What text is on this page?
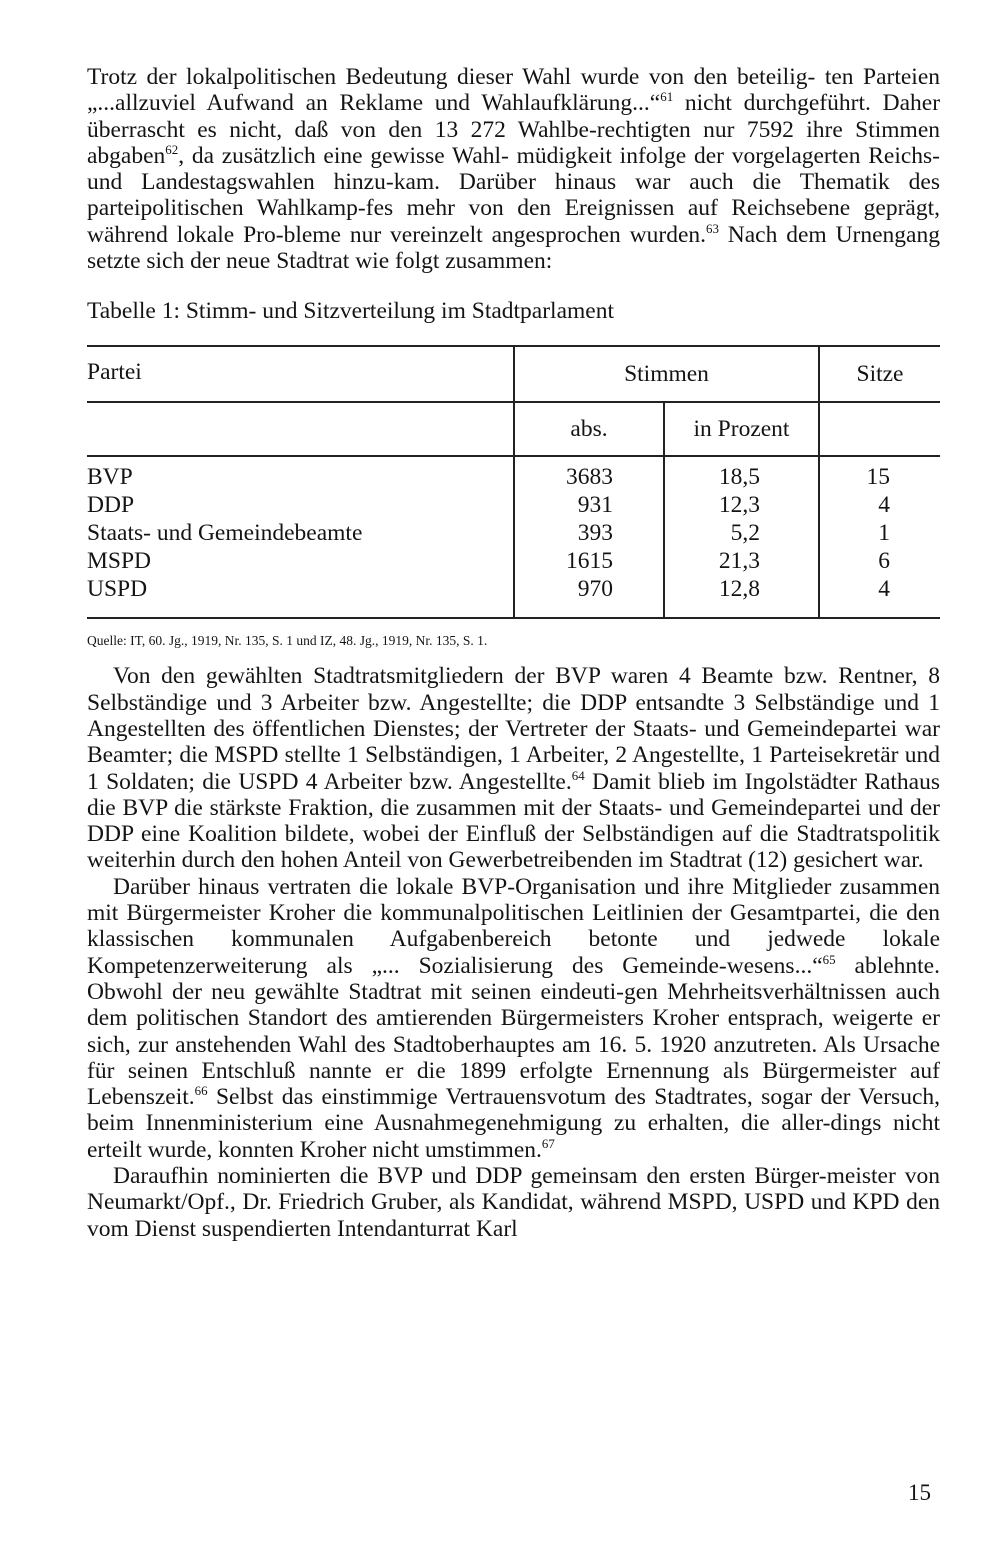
Trotz der lokalpolitischen Bedeutung dieser Wahl wurde von den beteilig- ten Parteien „...allzuviel Aufwand an Reklame und Wahlaufklärung...“$^{61}$ nicht durchgeführt. Daher überrascht es nicht, daß von den 13 272 Wahlbe-rechtigten nur 7592 ihre Stimmen abgaben$^{62}$, da zusätzlich eine gewisse Wahl- müdigkeit infolge der vorgelagerten Reichs- und Landestagswahlen hinzu-kam. Darüber hinaus war auch die Thematik des parteipolitischen Wahlkamp-fes mehr von den Ereignissen auf Reichsebene geprägt, während lokale Pro-bleme nur vereinzelt angesprochen wurden.$^{63}$ Nach dem Urnengang setzte sich der neue Stadtrat wie folgt zusammen:

Tabelle 1: Stimm- und Sitzverteilung im Stadtparlament
Partei	Stimmen		Sitze
	abs.	in Prozent	
BVP	3683	18,5	15
DDP	931	12,3	4
Staats- und Gemeindebeamte	393	5,2	1
MSPD	1615	21,3	6
USPD	970	12,8	4

Quelle: IT, 60. Jg., 1919, Nr. 135, S. 1 und IZ, 48. Jg., 1919, Nr. 135, S. 1.

Von den gewählten Stadtratsmitgliedern der BVP waren 4 Beamte bzw. Rentner, 8 Selbständige und 3 Arbeiter bzw. Angestellte; die DDP entsandte 3 Selbständige und 1 Angestellten des öffentlichen Dienstes; der Vertreter der Staats- und Gemeindepartei war Beamter; die MSPD stellte 1 Selbständigen, 1 Arbeiter, 2 Angestellte, 1 Parteisekretär und 1 Soldaten; die USPD 4 Arbeiter bzw. Angestellte.$^{64}$ Damit blieb im Ingolstädter Rathaus die BVP die stärkste Fraktion, die zusammen mit der Staats- und Gemeindepartei und der DDP eine Koalition bildete, wobei der Einfluß der Selbständigen auf die Stadtratspolitik weiterhin durch den hohen Anteil von Gewerbetreibenden im Stadtrat (12) gesichert war.

Darüber hinaus vertraten die lokale BVP-Organisation und ihre Mitglieder zusammen mit Bürgermeister Kroher die kommunalpolitischen Leitlinien der Gesamtpartei, die den klassischen kommunalen Aufgabenbereich betonte und jedwede lokale Kompetenzerweiterung als „... Sozialisierung des Gemeinde-wesens...“$^{65}$ ablehnte. Obwohl der neu gewählte Stadtrat mit seinen eindeuti-gen Mehrheitsverhältnissen auch dem politischen Standort des amtierenden Bürgermeisters Kroher entsprach, weigerte er sich, zur anstehenden Wahl des Stadtoberhauptes am 16. 5. 1920 anzutreten. Als Ursache für seinen Entschluß nannte er die 1899 erfolgte Ernennung als Bürgermeister auf Lebenszeit.$^{66}$ Selbst das einstimmige Vertrauensvotum des Stadtrates, sogar der Versuch, beim Innenministerium eine Ausnahmegenehmigung zu erhalten, die aller-dings nicht erteilt wurde, konnten Kroher nicht umstimmen.$^{67}$

Daraufhin nominierten die BVP und DDP gemeinsam den ersten Bürger-meister von Neumarkt/Opf., Dr. Friedrich Gruber, als Kandidat, während MSPD, USPD und KPD den vom Dienst suspendierten Intendanturrat Karl

15
